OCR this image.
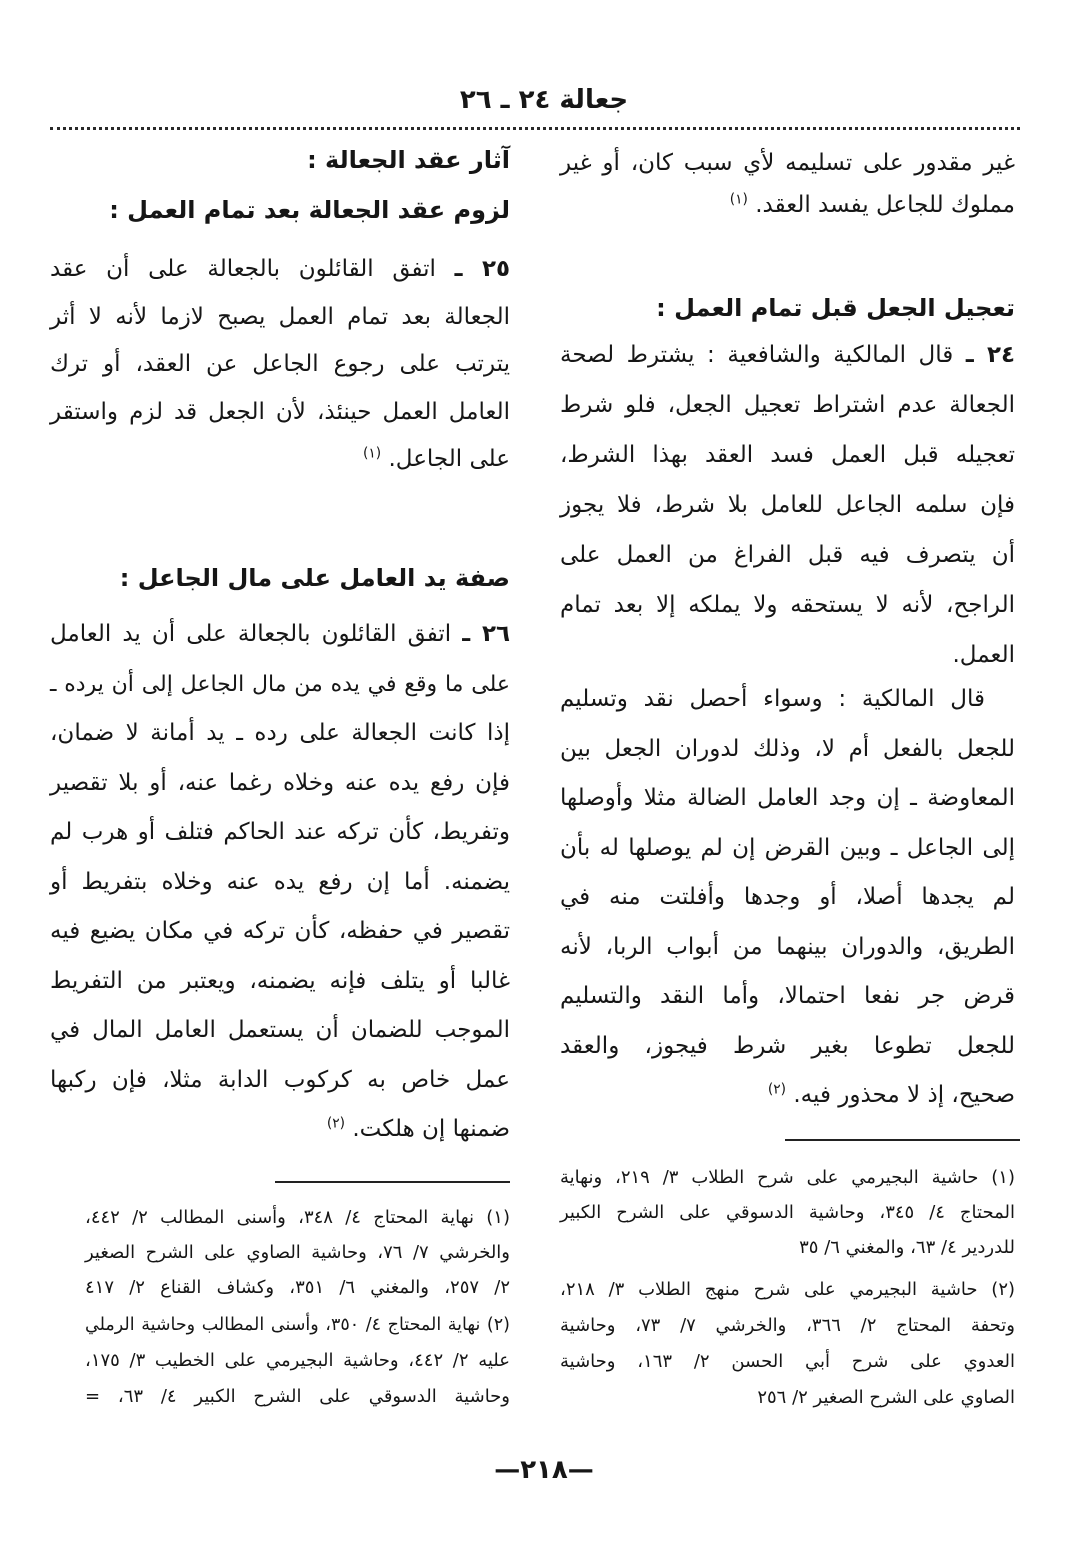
جعالة ٢٤ ـ ٢٦
غير مقدور على تسليمه لأي سبب كان، أو غير
مملوك للجاعل يفسد العقد. $^{(١)}$
تعجيل الجعل قبل تمام العمل :
٢٤ ـ قال المالكية والشافعية : يشترط لصحة
الجعالة عدم اشتراط تعجيل الجعل، فلو شرط
تعجيله قبل العمل فسد العقد بهذا الشرط،
فإن سلمه الجاعل للعامل بلا شرط، فلا يجوز
أن يتصرف فيه قبل الفراغ من العمل على
الراجح، لأنه لا يستحقه ولا يملكه إلا بعد تمام
العمل.
قال المالكية : وسواء أحصل نقد وتسليم
للجعل بالفعل أم لا، وذلك لدوران الجعل بين
المعاوضة ـ إن وجد العامل الضالة مثلا وأوصلها
إلى الجاعل ـ وبين القرض إن لم يوصلها له بأن
لم يجدها أصلا، أو وجدها وأفلتت منه في
الطريق، والدوران بينهما من أبواب الربا، لأنه
قرض جر نفعا احتمالا، وأما النقد والتسليم
للجعل تطوعا بغير شرط فيجوز، والعقد
صحيح، إذ لا محذور فيه. $^{(٢)}$
(١) حاشية البجيرمي على شرح الطلاب ٣/ ٢١٩، ونهاية
المحتاج ٤/ ٣٤٥، وحاشية الدسوقي على الشرح الكبير
للدردير ٤/ ٦٣، والمغني ٦/ ٣٥
(٢) حاشية البجيرمي على شرح منهج الطلاب ٣/ ٢١٨،
وتحفة المحتاج ٢/ ٣٦٦، والخرشي ٧/ ٧٣، وحاشية
العدوي على شرح أبي الحسن ٢/ ١٦٣، وحاشية
الصاوي على الشرح الصغير ٢/ ٢٥٦
آثار عقد الجعالة :
لزوم عقد الجعالة بعد تمام العمل :
٢٥ ـ اتفق القائلون بالجعالة على أن عقد
الجعالة بعد تمام العمل يصبح لازما لأنه لا أثر
يترتب على رجوع الجاعل عن العقد، أو ترك
العامل العمل حينئذ، لأن الجعل قد لزم واستقر
على الجاعل. $^{(١)}$
صفة يد العامل على مال الجاعل :
٢٦ ـ اتفق القائلون بالجعالة على أن يد العامل
على ما وقع في يده من مال الجاعل إلى أن يرده ـ
إذا كانت الجعالة على رده ـ يد أمانة لا ضمان،
فإن رفع يده عنه وخلاه رغما عنه، أو بلا تقصير
وتفريط، كأن تركه عند الحاكم فتلف أو هرب لم
يضمنه. أما إن رفع يده عنه وخلاه بتفريط أو
تقصير في حفظه، كأن تركه في مكان يضيع فيه
غالبا أو يتلف فإنه يضمنه، ويعتبر من التفريط
الموجب للضمان أن يستعمل العامل المال في
عمل خاص به كركوب الدابة مثلا، فإن ركبها
ضمنها إن هلكت. $^{(٢)}$
(١) نهاية المحتاج ٤/ ٣٤٨، وأسنى المطالب ٢/ ٤٤٢،
والخرشي ٧/ ٧٦، وحاشية الصاوي على الشرح الصغير
٢/ ٢٥٧، والمغني ٦/ ٣٥١، وكشاف القناع ٢/ ٤١٧
(٢) نهاية المحتاج ٤/ ٣٥٠، وأسنى المطالب وحاشية الرملي
عليه ٢/ ٤٤٢، وحاشية البجيرمي على الخطيب ٣/ ١٧٥،
وحاشية الدسوقي على الشرح الكبير ٤/ ٦٣، =
—٢١٨—
